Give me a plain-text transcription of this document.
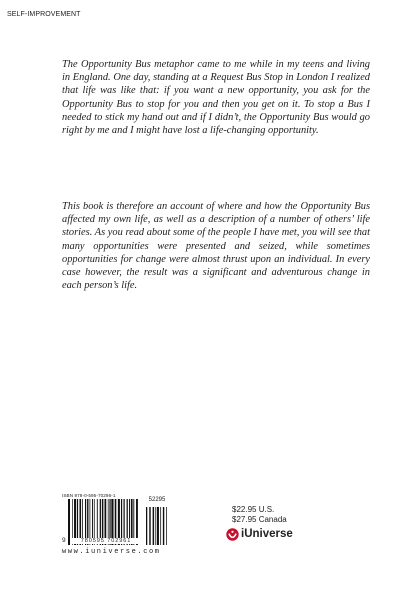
SELF-IMPROVEMENT

The Opportunity Bus metaphor came to me while in my teens and living in England. One day, standing at a Request Bus Stop in London I realized that life was like that: if you want a new opportunity, you ask for the Opportunity Bus to stop for you and then you get on it. To stop a Bus I needed to stick my hand out and if I didn’t, the Opportunity Bus would go right by me and I might have lost a life-changing opportunity.

This book is therefore an account of where and how the Opportunity Bus affected my own life, as well as a description of a number of others’ life stories. As you read about some of the people I have met, you will see that many opportunities were presented and seized, while sometimes opportunities for change were almost thrust upon an individual. In every case however, the result was a significant and adventurous change in each person’s life.

ISBN 978-0-595-70296-1
52295
9	780595 702961
www.iuniverse.com
$22.95 U.S.
$27.95 Canada
iUniverse
